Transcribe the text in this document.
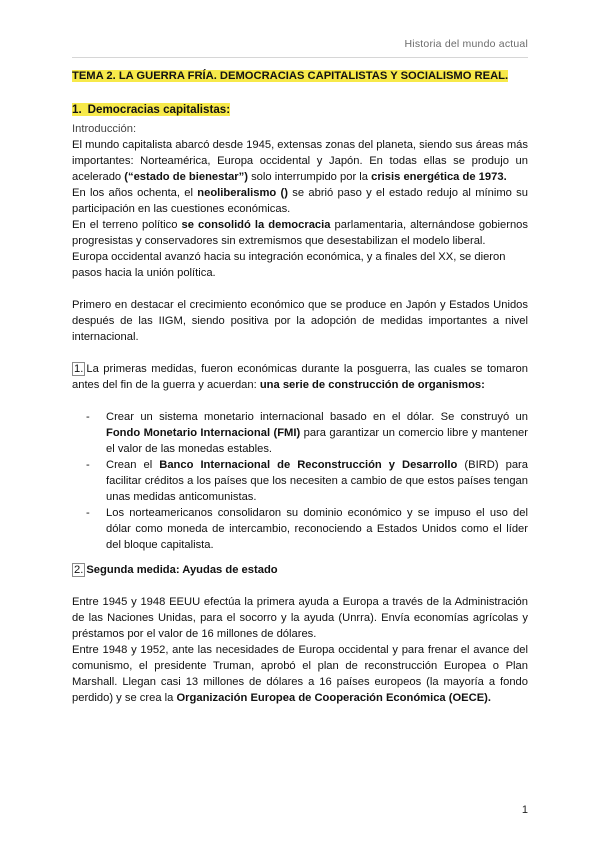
Historia del mundo actual

TEMA 2. LA GUERRA FRÍA. DEMOCRACIAS CAPITALISTAS Y SOCIALISMO REAL.

1. Democracias capitalistas:
Introducción:

El mundo capitalista abarcó desde 1945, extensas zonas del planeta, siendo sus áreas más importantes: Norteamérica, Europa occidental y Japón. En todas ellas se produjo un acelerado (“estado de bienestar”) solo interrumpido por la crisis energética de 1973.

En los años ochenta, el neoliberalismo () se abrió paso y el estado redujo al mínimo su participación en las cuestiones económicas.

En el terreno político se consolidó la democracia parlamentaria, alternándose gobiernos progresistas y conservadores sin extremismos que desestabilizan el modelo liberal.

Europa occidental avanzó hacia su integración económica, y a finales del XX, se dieron pasos hacia la unión política.

Primero en destacar el crecimiento económico que se produce en Japón y Estados Unidos después de las IIGM, siendo positiva por la adopción de medidas importantes a nivel internacional.

1. La primeras medidas, fueron económicas durante la posguerra, las cuales se tomaron antes del fin de la guerra y acuerdan: una serie de construcción de organismos:

- Crear un sistema monetario internacional basado en el dólar. Se construyó un Fondo Monetario Internacional (FMI) para garantizar un comercio libre y mantener el valor de las monedas estables.
- Crean el Banco Internacional de Reconstrucción y Desarrollo (BIRD) para facilitar créditos a los países que los necesiten a cambio de que estos países tengan unas medidas anticomunistas.
- Los norteamericanos consolidaron su dominio económico y se impuso el uso del dólar como moneda de intercambio, reconociendo a Estados Unidos como el líder del bloque capitalista.

2. Segunda medida: Ayudas de estado

Entre 1945 y 1948 EEUU efectúa la primera ayuda a Europa a través de la Administración de las Naciones Unidas, para el socorro y la ayuda (Unrra). Envía economías agrícolas y préstamos por el valor de 16 millones de dólares.

Entre 1948 y 1952, ante las necesidades de Europa occidental y para frenar el avance del comunismo, el presidente Truman, aprobó el plan de reconstrucción Europea o Plan Marshall. Llegan casi 13 millones de dólares a 16 países europeos (la mayoría a fondo perdido) y se crea la Organización Europea de Cooperación Económica (OECE).

1
